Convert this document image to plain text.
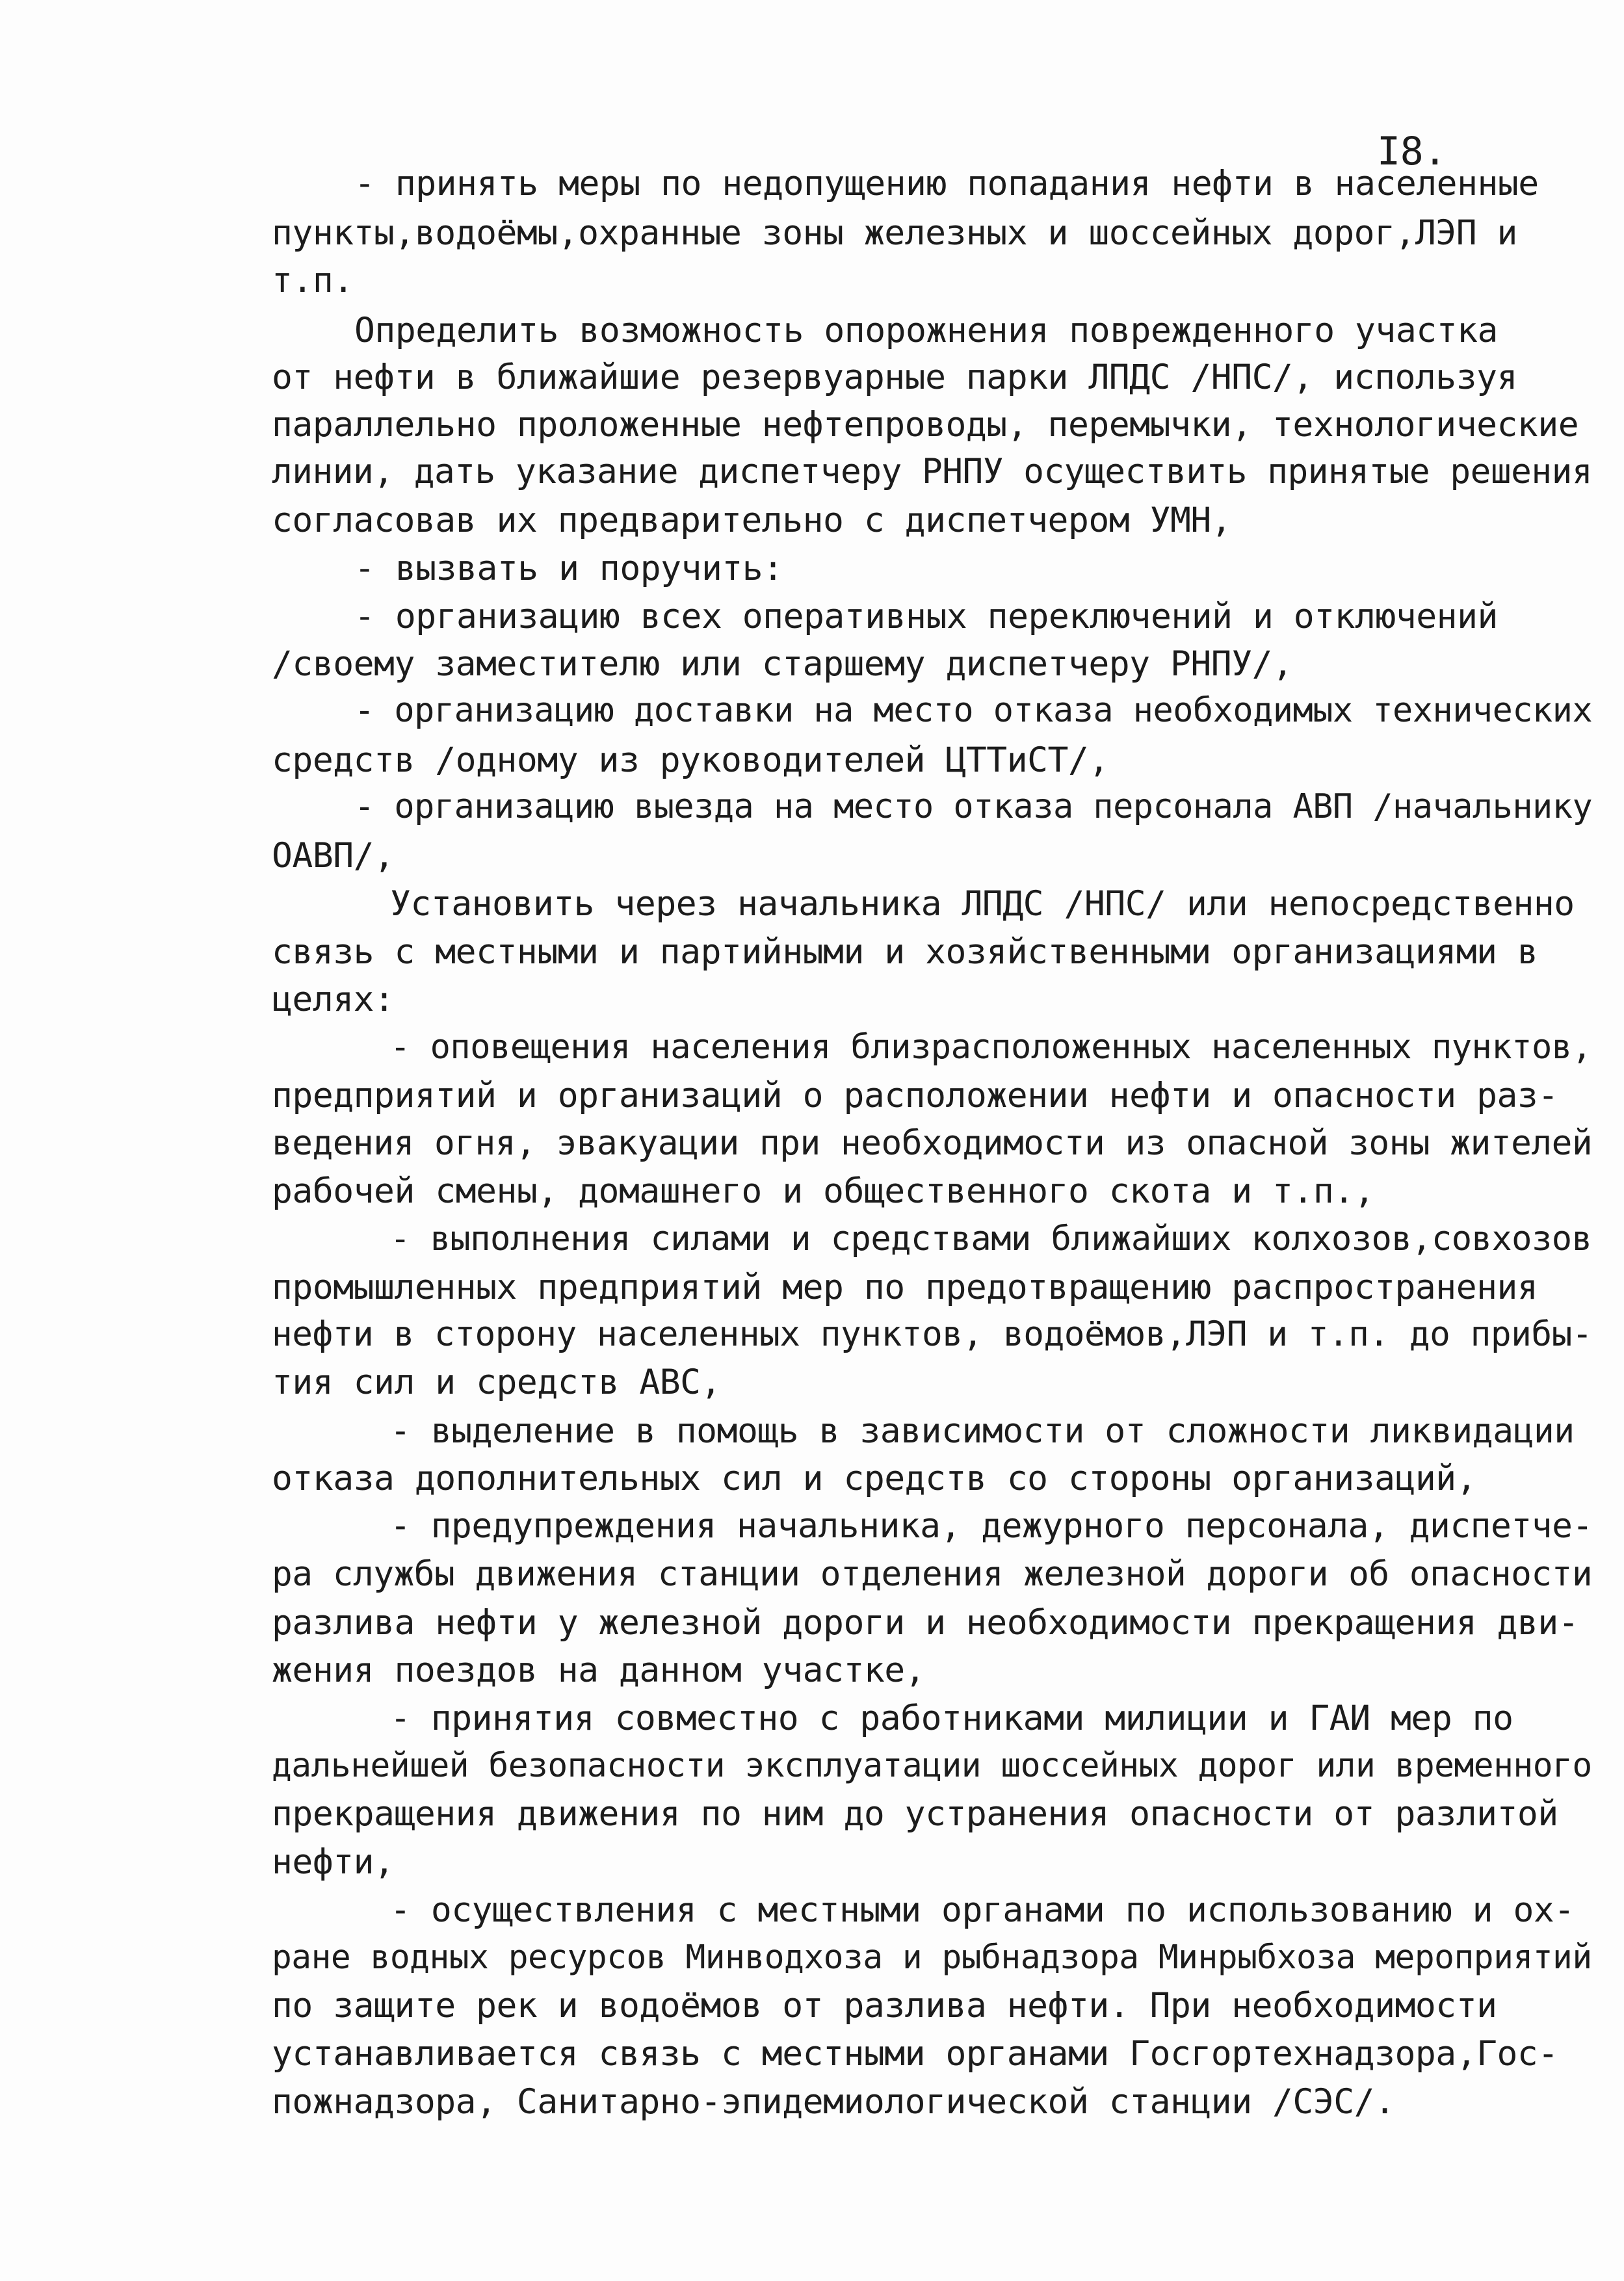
I8.
- принять меры по недопущению попадания нефти в населенные
пункты,водоёмы,охранные зоны железных и шоссейных дорог,ЛЭП и
т.п.
Определить возможность опорожнения поврежденного участка
от нефти в ближайшие резервуарные парки ЛПДС /НПС/, используя
параллельно проложенные нефтепроводы, перемычки, технологические
линии, дать указание диспетчеру РНПУ осуществить принятые решения
согласовав их предварительно с диспетчером УМН,
- вызвать и поручить:
- организацию всех оперативных переключений и отключений
/своему заместителю или старшему диспетчеру РНПУ/,
- организацию доставки на место отказа необходимых технических
средств /одному из руководителей ЦТТиСТ/,
- организацию выезда на место отказа персонала АВП /начальнику
ОАВП/,
Установить через начальника ЛПДС /НПС/ или непосредственно
связь с местными и партийными и хозяйственными организациями в
целях:
- оповещения населения близрасположенных населенных пунктов,
предприятий и организаций о расположении нефти и опасности раз-
ведения огня, эвакуации при необходимости из опасной зоны жителей
рабочей смены, домашнего и общественного скота и т.п.,
- выполнения силами и средствами ближайших колхозов,совхозов
промышленных предприятий мер по предотвращению распространения
нефти в сторону населенных пунктов, водоёмов,ЛЭП и т.п. до прибы-
тия сил и средств АВС,
- выделение в помощь в зависимости от сложности ликвидации
отказа дополнительных сил и средств со стороны организаций,
- предупреждения начальника, дежурного персонала, диспетче-
ра службы движения станции отделения железной дороги об опасности
разлива нефти у железной дороги и необходимости прекращения дви-
жения поездов на данном участке,
- принятия совместно с работниками милиции и ГАИ мер по
дальнейшей безопасности эксплуатации шоссейных дорог или временного
прекращения движения по ним до устранения опасности от разлитой
нефти,
- осуществления с местными органами по использованию и ох-
ране водных ресурсов Минводхоза и рыбнадзора Минрыбхоза мероприятий
по защите рек и водоёмов от разлива нефти. При необходимости
устанавливается связь с местными органами Госгортехнадзора,Гос-
пожнадзора, Санитарно-эпидемиологической станции /СЭС/.
